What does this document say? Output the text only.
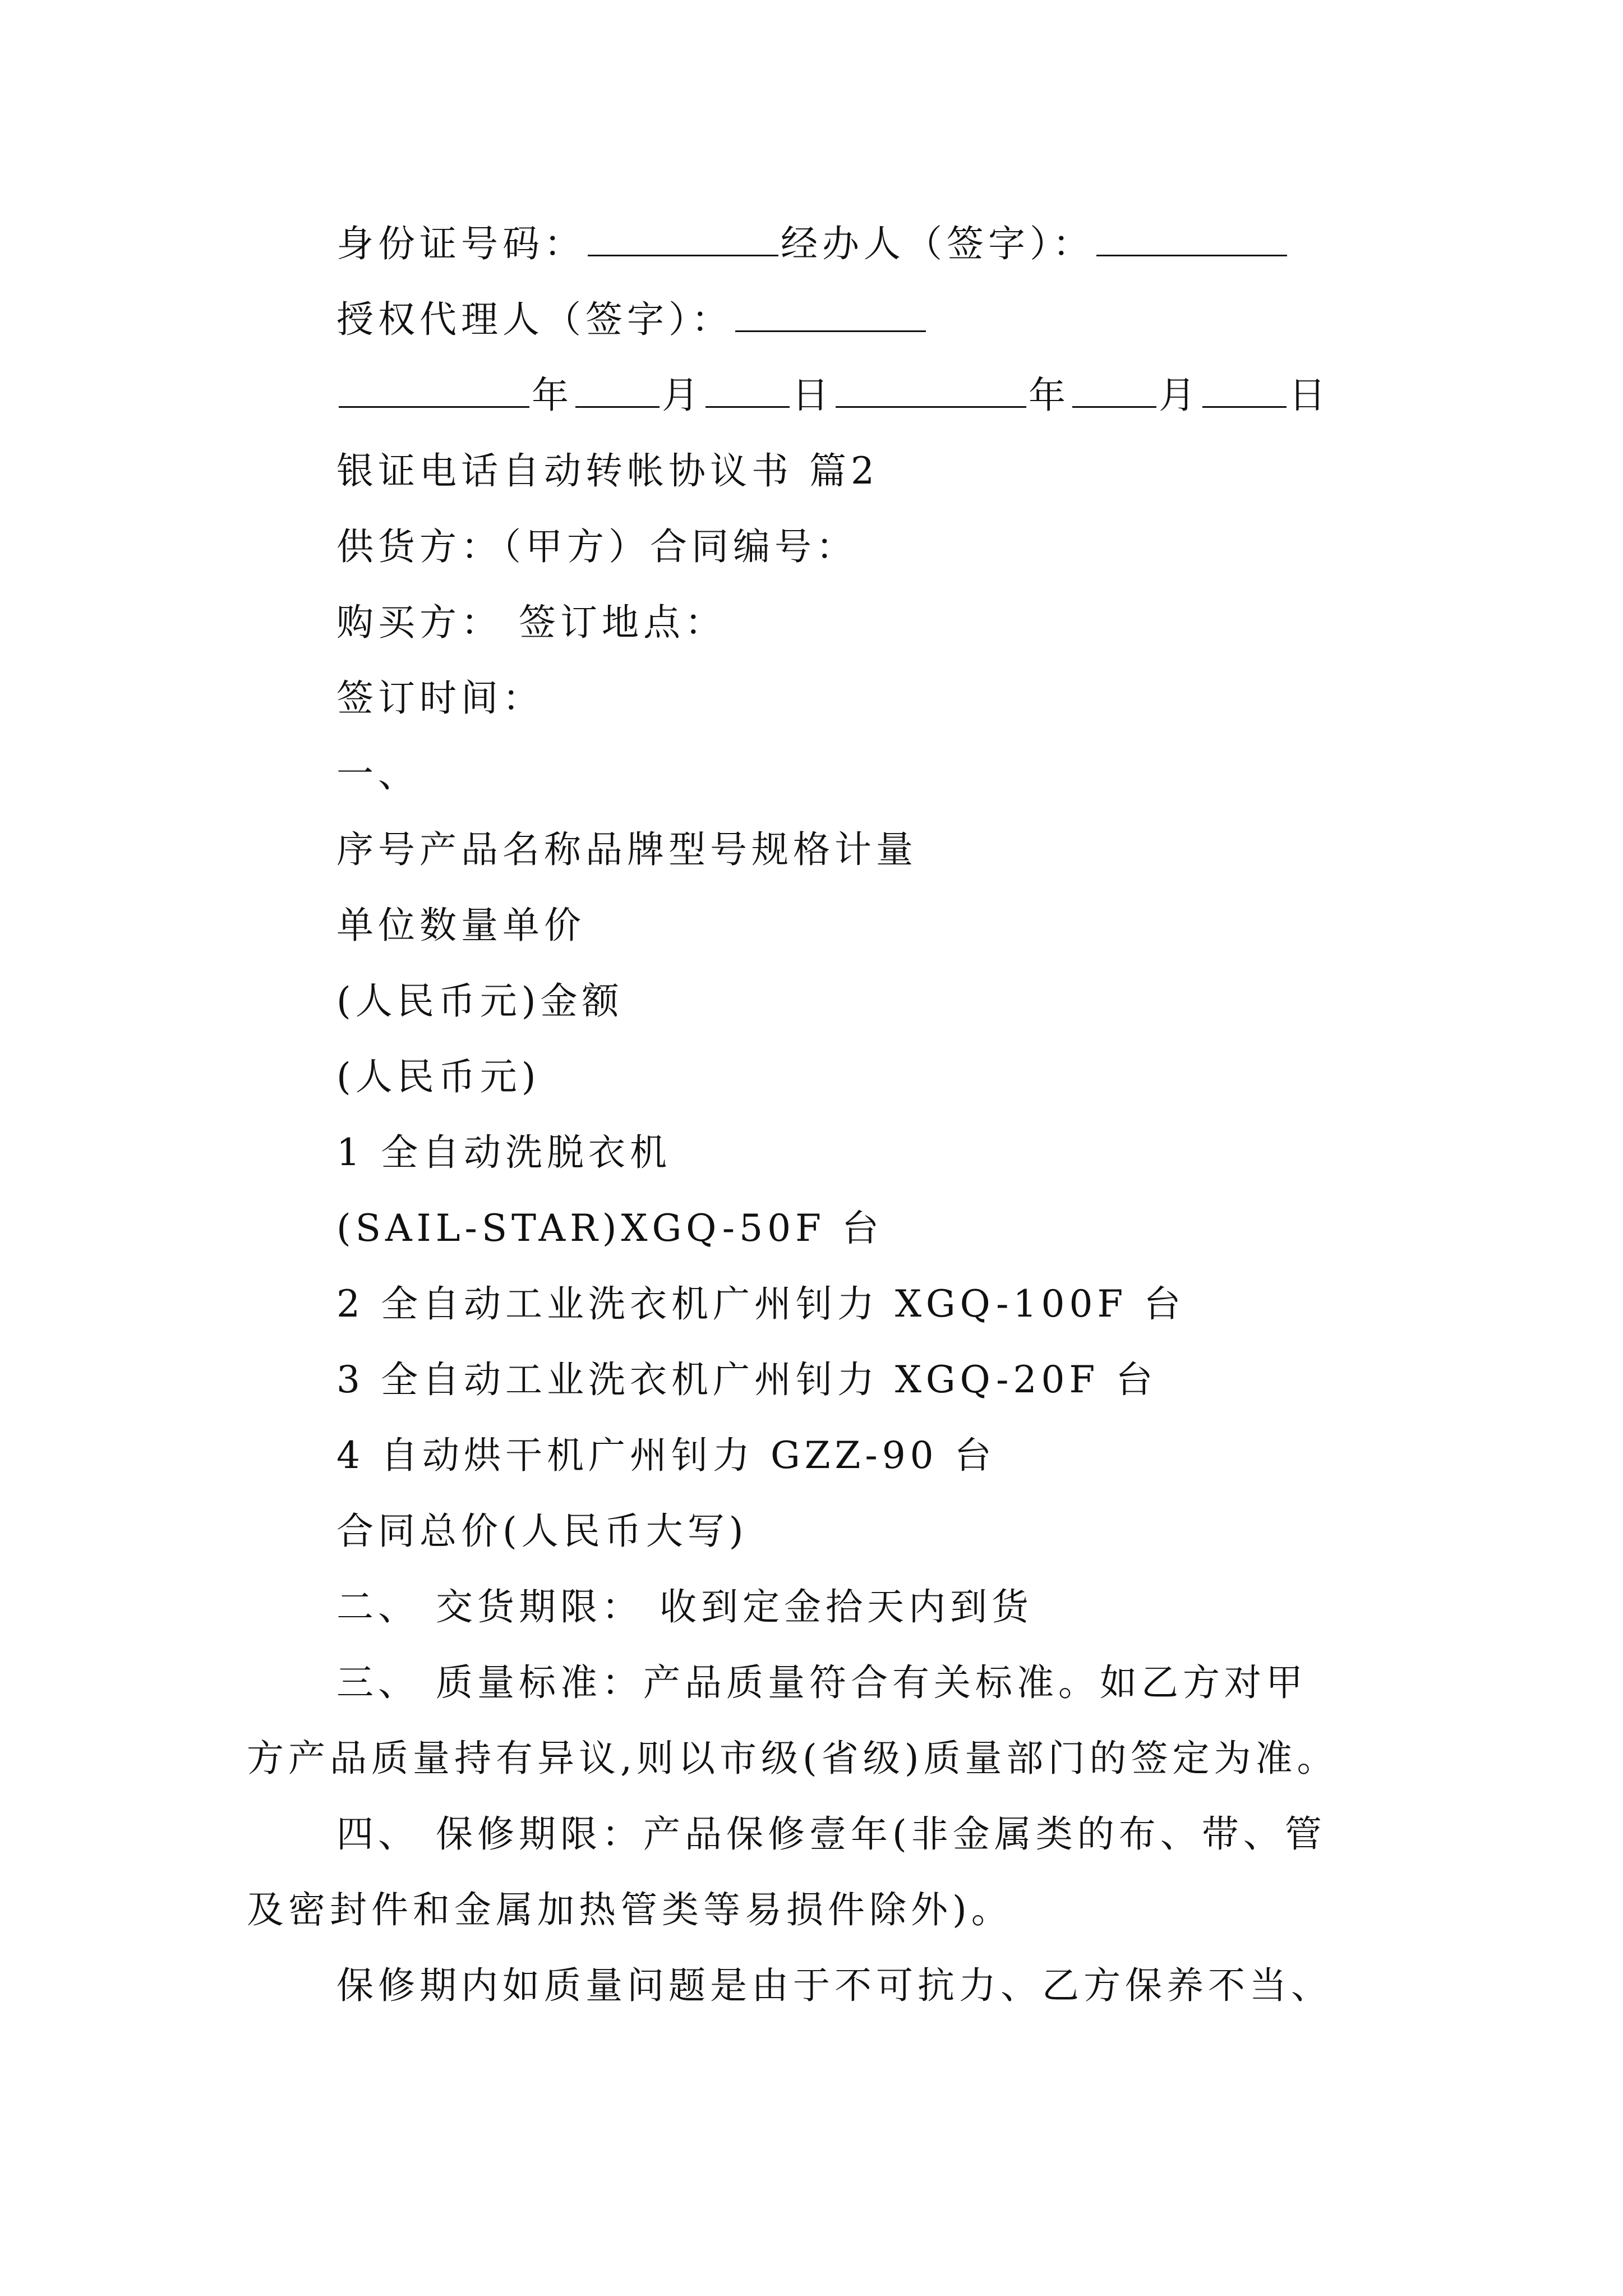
身份证号码：	经办人（签字）：
授权代理人（签字）：
年 月 日	年 月 日
银证电话自动转帐协议书 篇2
供货方：（甲方）合同编号：
购买方： 签订地点：
签订时间：
一、
序号产品名称品牌型号规格计量
单位数量单价
(人民币元)金额
(人民币元)
1 全自动洗脱衣机
(SAIL-STAR)XGQ-50F 台
2 全自动工业洗衣机广州钊力 XGQ-100F 台
3 全自动工业洗衣机广州钊力 XGQ-20F 台
4 自动烘干机广州钊力 GZZ-90 台
合同总价(人民币大写)
二、 交货期限： 收到定金拾天内到货
三、 质量标准：产品质量符合有关标准。如乙方对甲
方产品质量持有异议,则以市级(省级)质量部门的签定为准。
四、 保修期限：产品保修壹年(非金属类的布、带、管
及密封件和金属加热管类等易损件除外)。
保修期内如质量问题是由于不可抗力、乙方保养不当、
